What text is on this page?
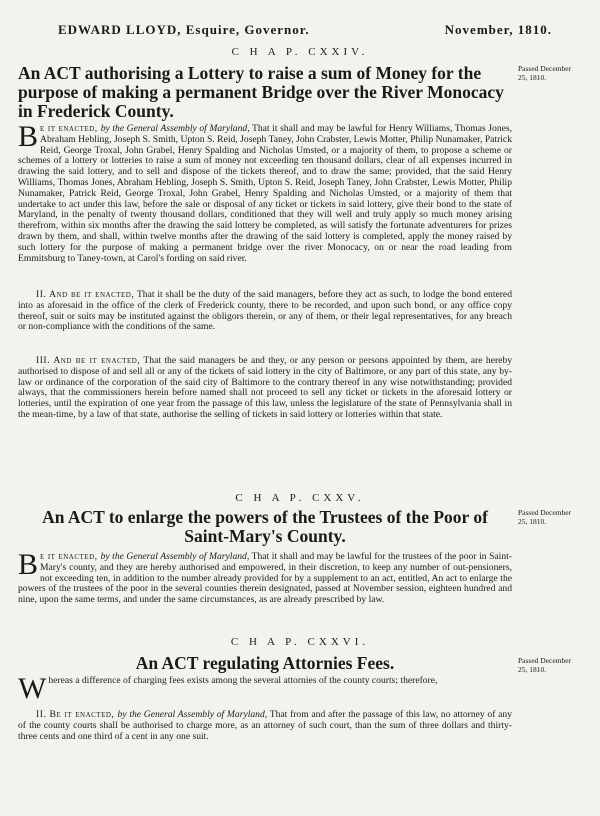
EDWARD LLOYD, Esquire, Governor.	November, 1810.
C H A P. CXXIV.
An ACT authorising a Lottery to raise a sum of Money for the purpose of making a permanent Bridge over the River Monocacy in Frederick County.
Passed December 25, 1810.
Be it enacted, by the General Assembly of Maryland, That it shall and may be lawful for Henry Williams, Thomas Jones, Abraham Hebling, Joseph S. Smith, Upton S. Reid, Joseph Taney, John Crabster, Lewis Motter, Philip Nunamaker, Patrick Reid, George Troxal, John Grabel, Henry Spalding and Nicholas Umsted, or a majority of them, to propose a scheme or schemes of a lottery or lotteries to raise a sum of money not exceeding ten thousand dollars, clear of all expenses incurred in drawing the said lottery, and to sell and dispose of the tickets thereof, and to draw the same; provided, that the said Henry Williams, Thomas Jones, Abraham Hebling, Joseph S. Smith, Upton S. Reid, Joseph Taney, John Crabster, Lewis Motter, Philip Nunamaker, Patrick Reid, George Troxal, John Grabel, Henry Spalding and Nicholas Umsted, or a majority of them that undertake to act under this law, before the sale or disposal of any ticket or tickets in said lottery, give their bond to the state of Maryland, in the penalty of twenty thousand dollars, conditioned that they will well and truly apply so much money arising therefrom, within six months after the drawing the said lottery be completed, as will satisfy the fortunate adventurers for prizes drawn by them, and shall, within twelve months after the drawing of the said lottery is completed, apply the money raised by such lottery for the purpose of making a permanent bridge over the river Monocacy, on or near the road leading from Emmitsburg to Taney-town, at Carol's fording on said river.
II. And be it enacted, That it shall be the duty of the said managers, before they act as such, to lodge the bond entered into as aforesaid in the office of the clerk of Frederick county, there to be recorded, and upon such bond, or any office copy thereof, suit or suits may be instituted against the obligors therein, or any of them, or their legal representatives, for any breach or non-compliance with the conditions of the same.
III. And be it enacted, That the said managers be and they, or any person or persons appointed by them, are hereby authorised to dispose of and sell all or any of the tickets of said lottery in the city of Baltimore, or any part of this state, any by-law or ordinance of the corporation of the said city of Baltimore to the contrary thereof in any wise notwithstanding; provided always, that the commissioners herein before named shall not proceed to sell any ticket or tickets in the aforesaid lottery or lotteries, until the expiration of one year from the passage of this law, unless the legislature of the state of Pennsylvania shall in the mean-time, by a law of that state, authorise the selling of tickets in said lottery or lotteries within that state.
C H A P. CXXV.
An ACT to enlarge the powers of the Trustees of the Poor of Saint-Mary's County.
Passed December 25, 1810.
Be it enacted, by the General Assembly of Maryland, That it shall and may be lawful for the trustees of the poor in Saint-Mary's county, and they are hereby authorised and empowered, in their discretion, to keep any number of out-pensioners, not exceeding ten, in addition to the number already provided for by a supplement to an act, entitled, An act to enlarge the powers of the trustees of the poor in the several counties therein designated, passed at November session, eighteen hundred and nine, upon the same terms, and under the same circumstances, as are already prescribed by law.
C H A P. CXXVI.
An ACT regulating Attornies Fees.	Passed December 25, 1810.
Whereas a difference of charging fees exists among the several attornies of the county courts; therefore,
II. Be it enacted, by the General Assembly of Maryland, That from and after the passage of this law, no attorney of any of the county courts shall be authorised to charge more, as an attorney of such court, than the sum of three dollars and thirty-three cents and one third of a cent in any one suit.
